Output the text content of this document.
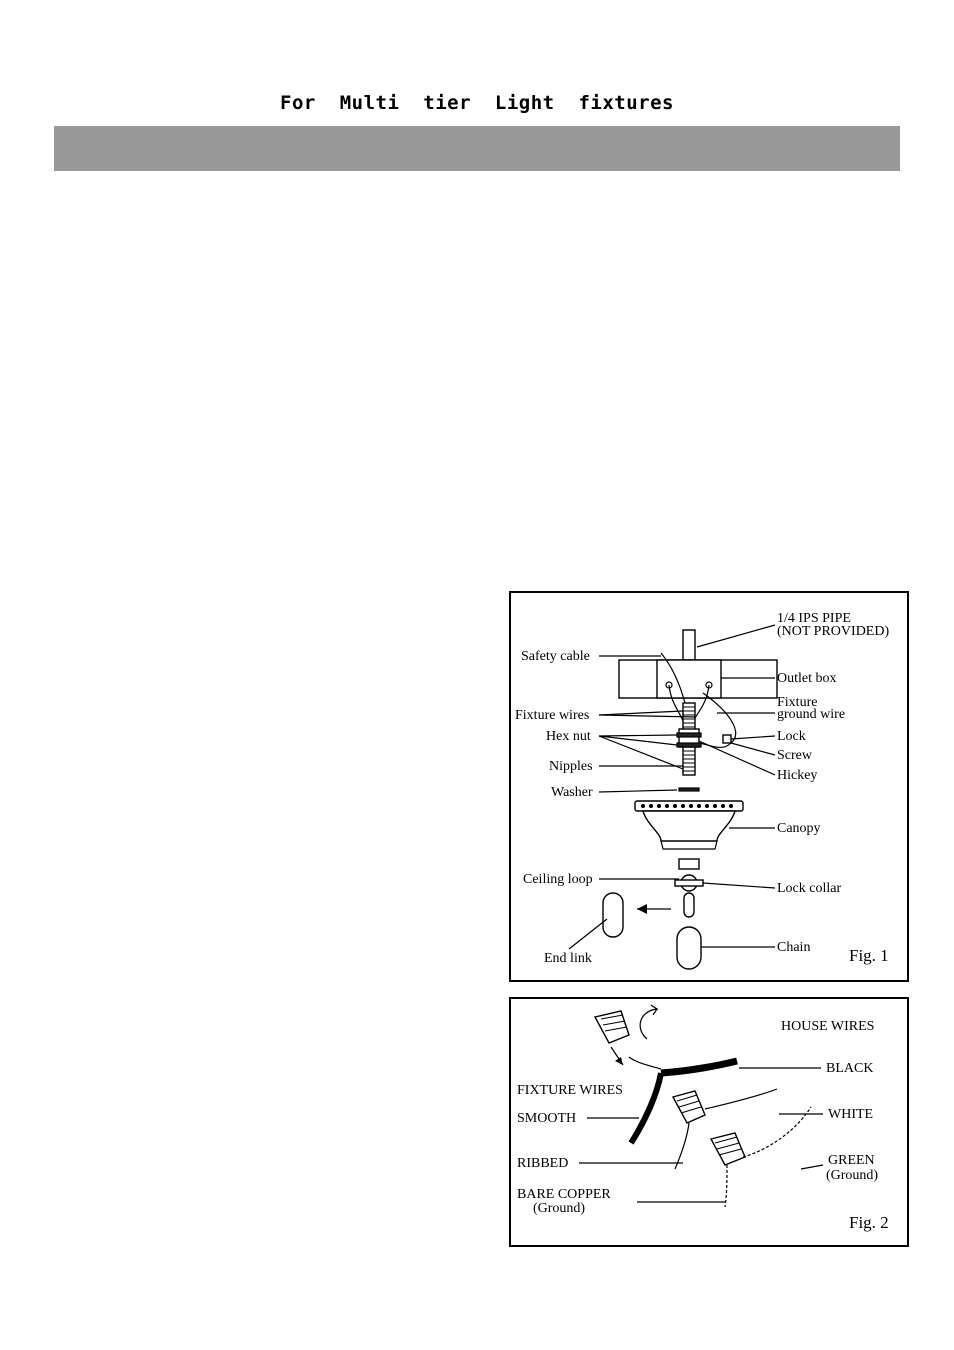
For  Multi  tier  Light  fixtures
1/4 IPS PIPE
(NOT PROVIDED)
Outlet box
Fixture
ground wire
Lock
Screw
Hickey
Canopy
Lock collar
Chain
Safety cable
Fixture wires
Hex nut
Nipples
Washer
Ceiling loop
End link	Fig. 1
HOUSE WIRES
BLACK
FIXTURE WIRES
SMOOTH	WHITE
RIBBED	GREEN
(Ground)
BARE COPPER
(Ground)
Fig. 2
